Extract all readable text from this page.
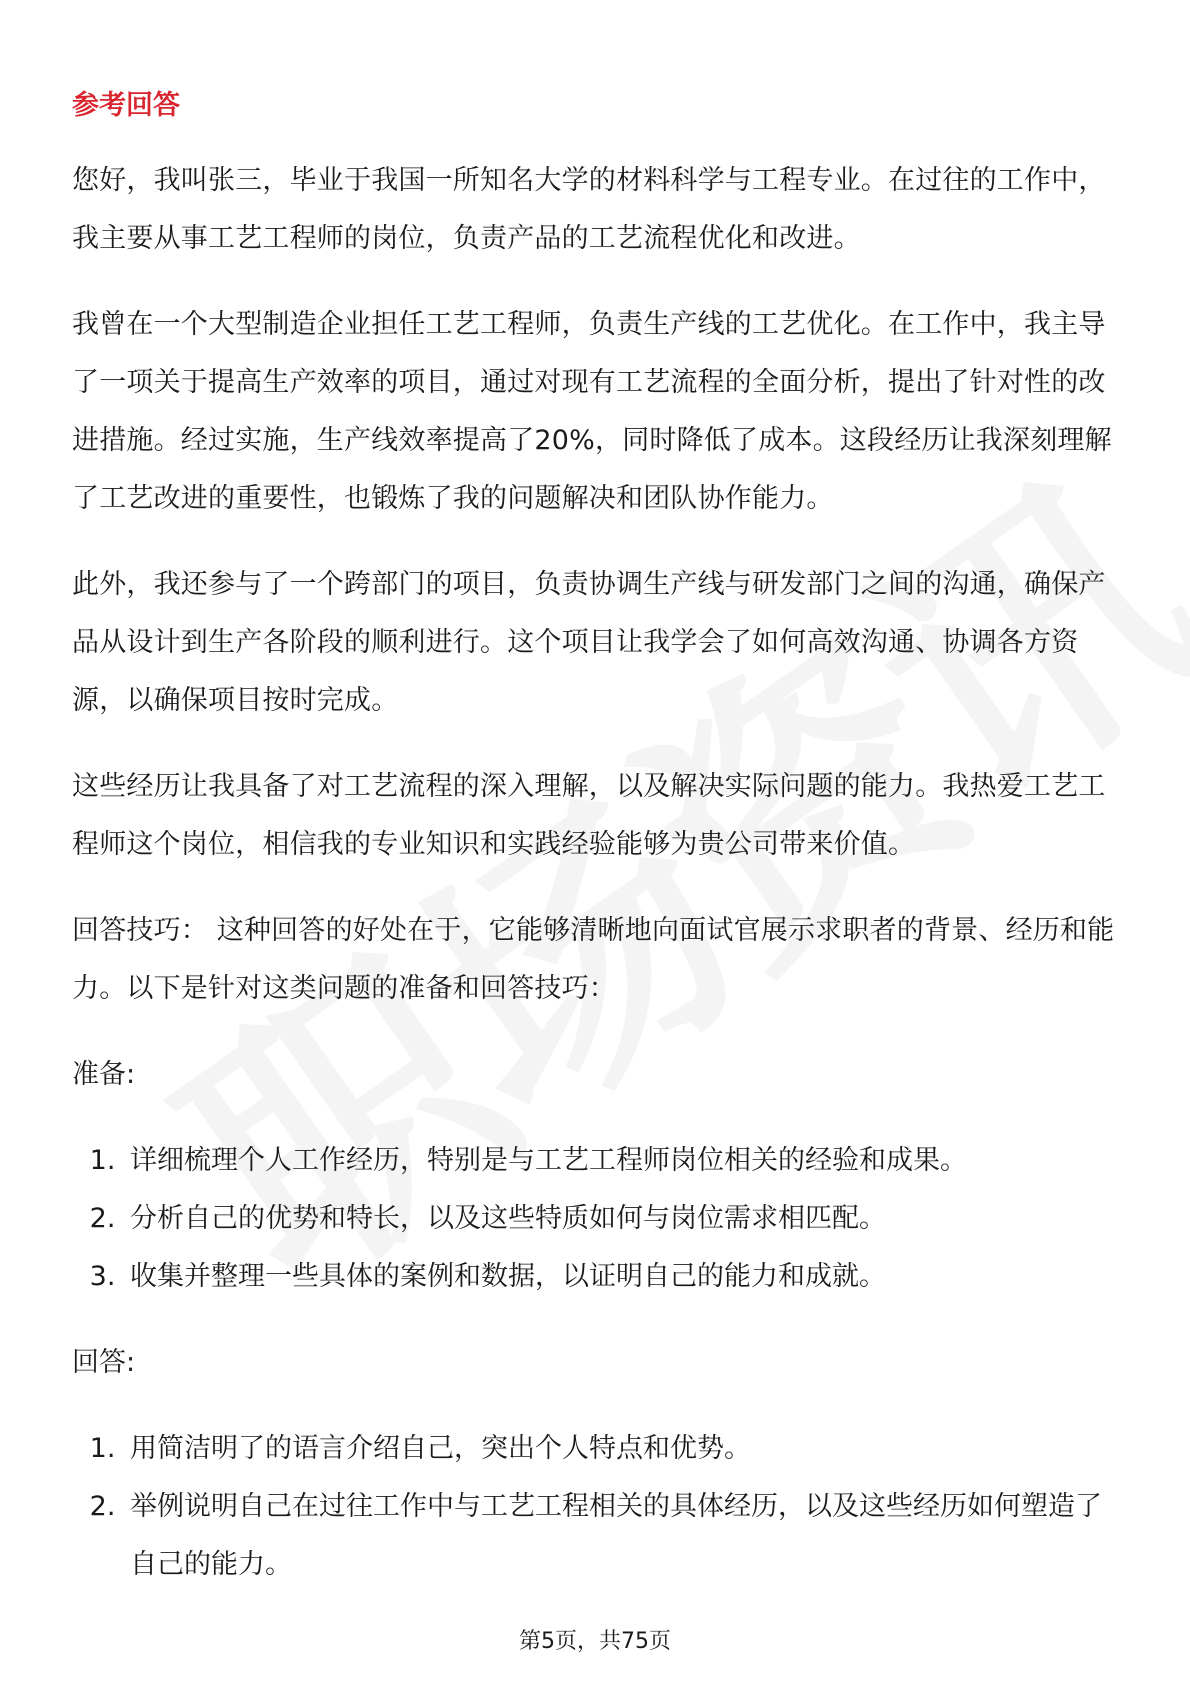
参考回答

您好，我叫张三，毕业于我国一所知名大学的材料科学与工程专业。在过往的工作中，我主要从事工艺工程师的岗位，负责产品的工艺流程优化和改进。

我曾在一个大型制造企业担任工艺工程师，负责生产线的工艺优化。在工作中，我主导了一项关于提高生产效率的项目，通过对现有工艺流程的全面分析，提出了针对性的改进措施。经过实施，生产线效率提高了20%，同时降低了成本。这段经历让我深刻理解了工艺改进的重要性，也锻炼了我的问题解决和团队协作能力。

此外，我还参与了一个跨部门的项目，负责协调生产线与研发部门之间的沟通，确保产品从设计到生产各阶段的顺利进行。这个项目让我学会了如何高效沟通、协调各方资源，以确保项目按时完成。

这些经历让我具备了对工艺流程的深入理解，以及解决实际问题的能力。我热爱工艺工程师这个岗位，相信我的专业知识和实践经验能够为贵公司带来价值。

回答技巧： 这种回答的好处在于，它能够清晰地向面试官展示求职者的背景、经历和能力。以下是针对这类问题的准备和回答技巧：

准备:
1. 详细梳理个人工作经历，特别是与工艺工程师岗位相关的经验和成果。
2. 分析自己的优势和特长，以及这些特质如何与岗位需求相匹配。
3. 收集并整理一些具体的案例和数据，以证明自己的能力和成就。
回答:
1. 用简洁明了的语言介绍自己，突出个人特点和优势。
2. 举例说明自己在过往工作中与工艺工程相关的具体经历，以及这些经历如何塑造了自己的能力。
第5页，共75页
